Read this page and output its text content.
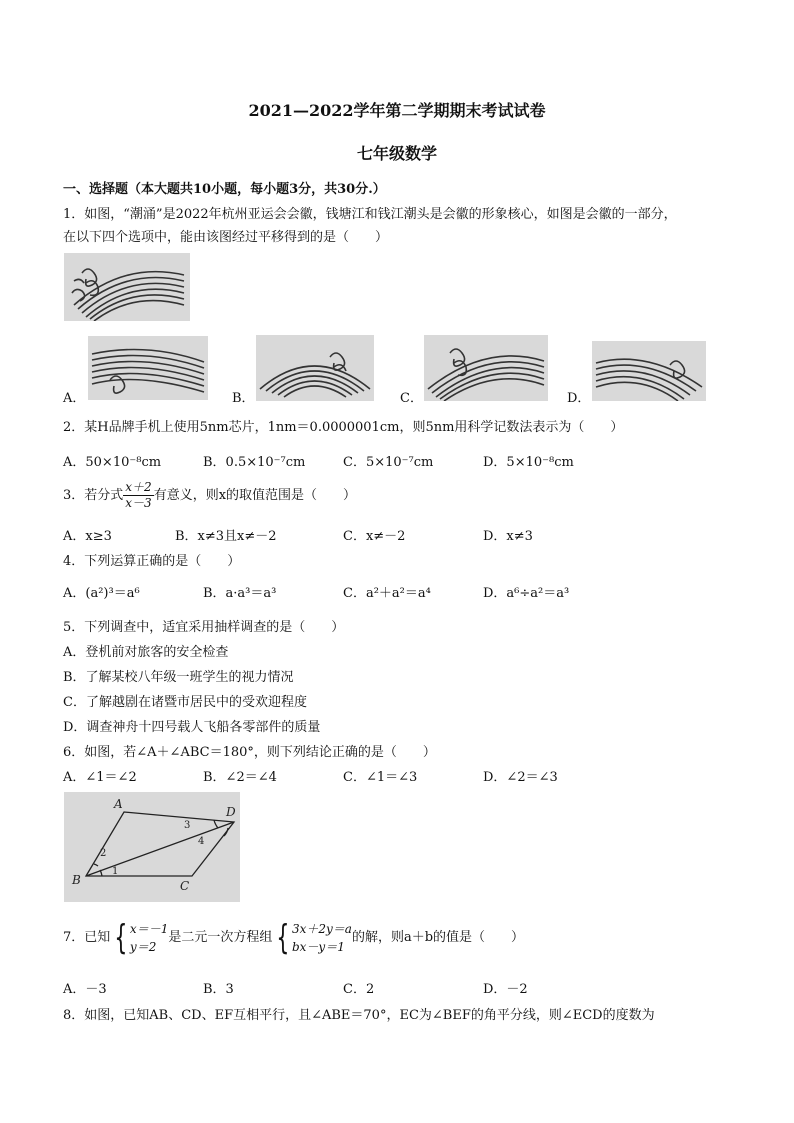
2021—2022学年第二学期期末考试试卷
七年级数学
一、选择题（本大题共10小题，每小题3分，共30分.）
1．如图，“潮涌”是2022年杭州亚运会会徽，钱塘江和钱江潮头是会徽的形象核心，如图是会徽的一部分，
在以下四个选项中，能由该图经过平移得到的是（　　）
A．	B．	C．	D．
2．某H品牌手机上使用5nm芯片，1nm＝0.0000001cm，则5nm用科学记数法表示为（　　）
A．50×10⁻⁸cm	B．0.5×10⁻⁷cm	C．5×10⁻⁷cm	D．5×10⁻⁸cm
3．若分式 $\frac{x+2}{x-3}$ 有意义，则x的取值范围是（　　）
A．x≥3	B．x≠3且x≠－2	C．x≠－2	D．x≠3
4．下列运算正确的是（　　）
A．(a²)³＝a⁶	B．a·a³＝a³	C．a²＋a²＝a⁴	D．a⁶÷a²＝a³
5．下列调查中，适宜采用抽样调查的是（　　）
A．登机前对旅客的安全检查
B．了解某校八年级一班学生的视力情况
C．了解越剧在诸暨市居民中的受欢迎程度
D．调查神舟十四号载人飞船各零部件的质量
6．如图，若∠A＋∠ABC＝180°，则下列结论正确的是（　　）
A．∠1＝∠2	B．∠2＝∠4	C．∠1＝∠3	D．∠2＝∠3
A
D
B	C
1
2
3
4
7．已知 { x＝－1
y＝2
是二元一次方程组 { 3x＋2y＝a
bx－y＝1
的解，则a＋b的值是（　　）
A．－3	B．3	C．2	D．－2
8．如图，已知AB、CD、EF互相平行，且∠ABE＝70°，EC为∠BEF的角平分线，则∠ECD的度数为
